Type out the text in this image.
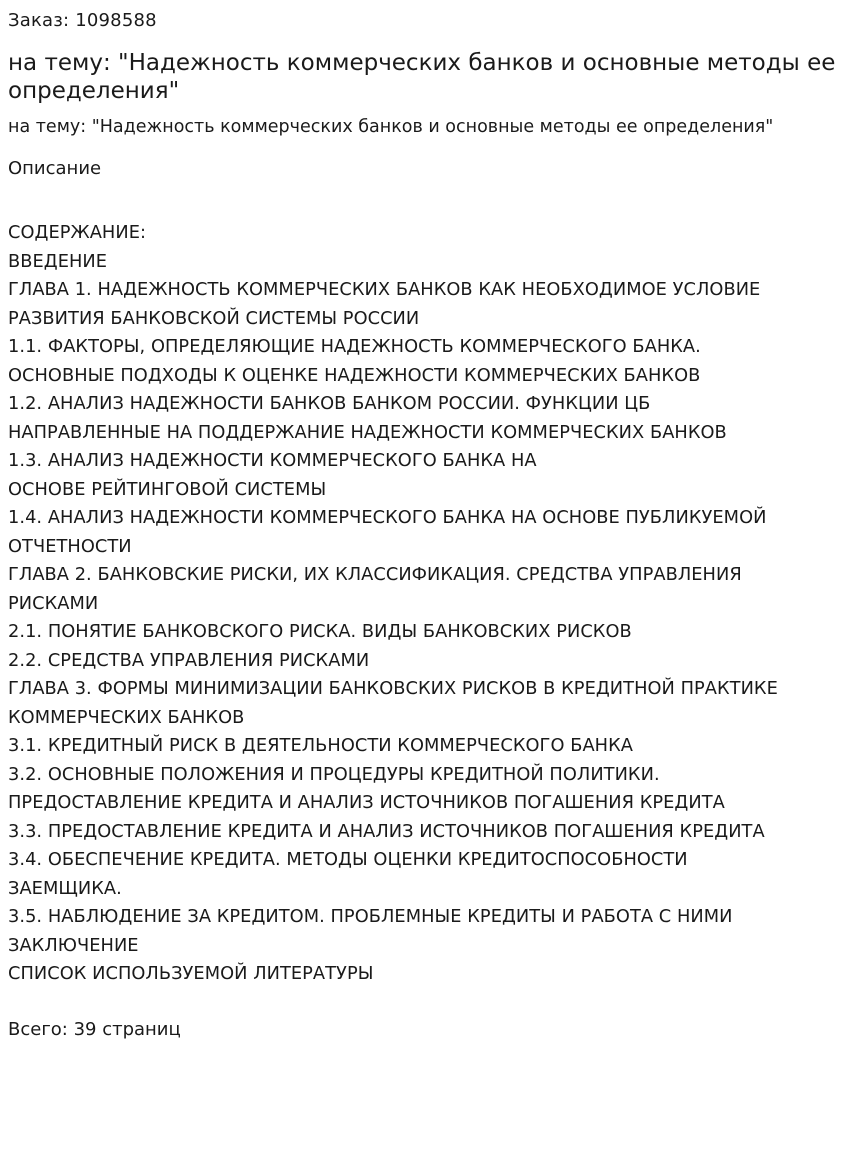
Заказ: 1098588

на тему: "Надежность коммерческих банков и основные методы ее определения"

на тему: "Надежность коммерческих банков и основные методы ее определения"

Описание

СОДЕРЖАНИЕ:
ВВЕДЕНИЕ
ГЛАВА 1. НАДЕЖНОСТЬ КОММЕРЧЕСКИХ БАНКОВ КАК НЕОБХОДИМОЕ УСЛОВИЕ
РАЗВИТИЯ БАНКОВСКОЙ СИСТЕМЫ РОССИИ
1.1. ФАКТОРЫ, ОПРЕДЕЛЯЮЩИЕ НАДЕЖНОСТЬ КОММЕРЧЕСКОГО БАНКА.
ОСНОВНЫЕ ПОДХОДЫ К ОЦЕНКЕ НАДЕЖНОСТИ КОММЕРЧЕСКИХ БАНКОВ
1.2. АНАЛИЗ НАДЕЖНОСТИ БАНКОВ БАНКОМ РОССИИ. ФУНКЦИИ ЦБ
НАПРАВЛЕННЫЕ НА ПОДДЕРЖАНИЕ НАДЕЖНОСТИ КОММЕРЧЕСКИХ БАНКОВ
1.3. АНАЛИЗ НАДЕЖНОСТИ КОММЕРЧЕСКОГО БАНКА НА
ОСНОВЕ РЕЙТИНГОВОЙ СИСТЕМЫ
1.4. АНАЛИЗ НАДЕЖНОСТИ КОММЕРЧЕСКОГО БАНКА НА ОСНОВЕ ПУБЛИКУЕМОЙ
ОТЧЕТНОСТИ
ГЛАВА 2. БАНКОВСКИЕ РИСКИ, ИХ КЛАССИФИКАЦИЯ. СРЕДСТВА УПРАВЛЕНИЯ
РИСКАМИ
2.1. ПОНЯТИЕ БАНКОВСКОГО РИСКА. ВИДЫ БАНКОВСКИХ РИСКОВ
2.2. СРЕДСТВА УПРАВЛЕНИЯ РИСКАМИ
ГЛАВА 3. ФОРМЫ МИНИМИЗАЦИИ БАНКОВСКИХ РИСКОВ В КРЕДИТНОЙ ПРАКТИКЕ
КОММЕРЧЕСКИХ БАНКОВ
3.1. КРЕДИТНЫЙ РИСК В ДЕЯТЕЛЬНОСТИ КОММЕРЧЕСКОГО БАНКА
3.2. ОСНОВНЫЕ ПОЛОЖЕНИЯ И ПРОЦЕДУРЫ КРЕДИТНОЙ ПОЛИТИКИ.
ПРЕДОСТАВЛЕНИЕ КРЕДИТА И АНАЛИЗ ИСТОЧНИКОВ ПОГАШЕНИЯ КРЕДИТА
3.3. ПРЕДОСТАВЛЕНИЕ КРЕДИТА И АНАЛИЗ ИСТОЧНИКОВ ПОГАШЕНИЯ КРЕДИТА
3.4. ОБЕСПЕЧЕНИЕ КРЕДИТА. МЕТОДЫ ОЦЕНКИ КРЕДИТОСПОСОБНОСТИ
ЗАЕМЩИКА.
3.5. НАБЛЮДЕНИЕ ЗА КРЕДИТОМ. ПРОБЛЕМНЫЕ КРЕДИТЫ И РАБОТА С НИМИ
ЗАКЛЮЧЕНИЕ
СПИСОК ИСПОЛЬЗУЕМОЙ ЛИТЕРАТУРЫ

Всего: 39 страниц
